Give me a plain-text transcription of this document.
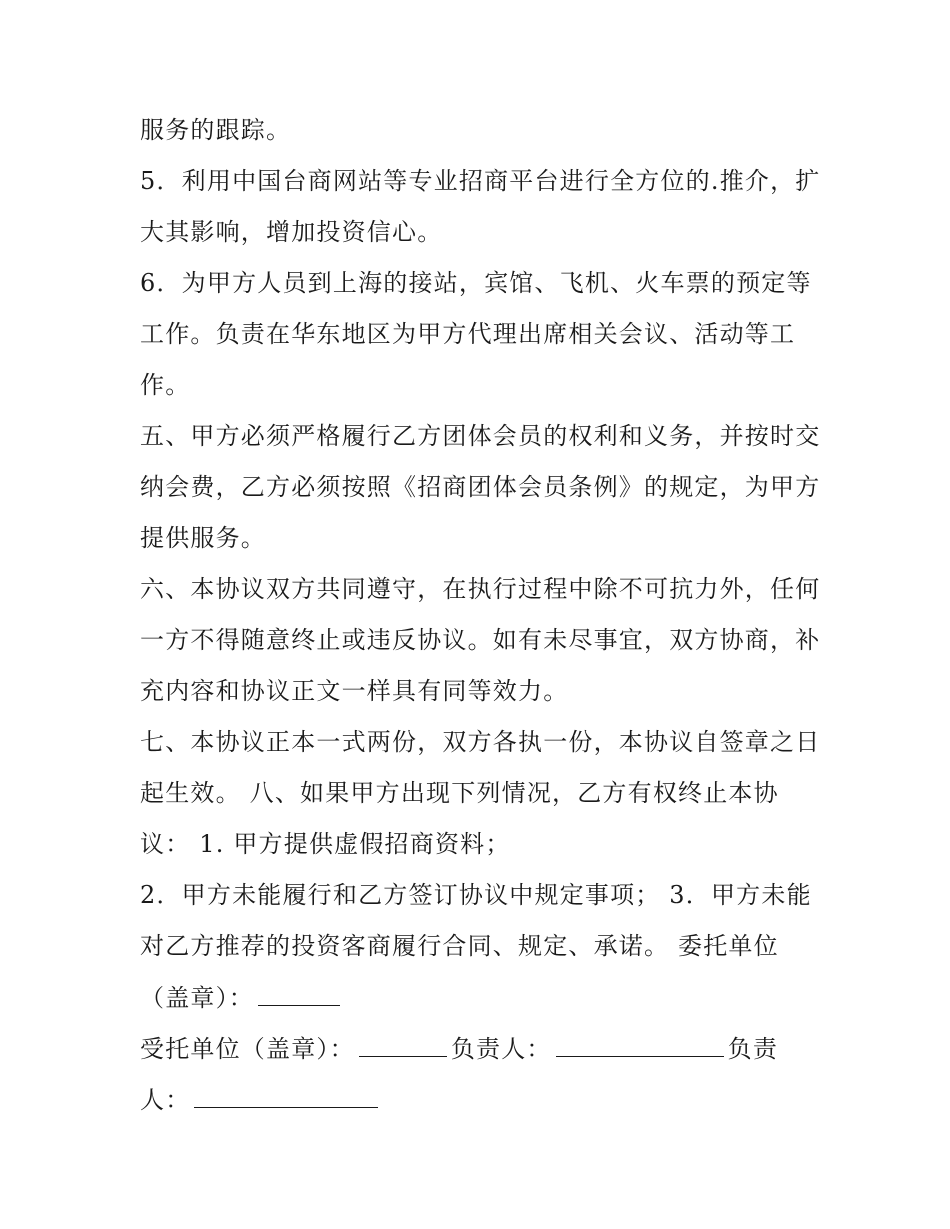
服务的跟踪。
5．利用中国台商网站等专业招商平台进行全方位的.推介，扩
大其影响，增加投资信心。
6．为甲方人员到上海的接站，宾馆、飞机、火车票的预定等
工作。负责在华东地区为甲方代理出席相关会议、活动等工
作。
五、甲方必须严格履行乙方团体会员的权利和义务，并按时交
纳会费，乙方必须按照《招商团体会员条例》的规定，为甲方
提供服务。
六、本协议双方共同遵守，在执行过程中除不可抗力外，任何
一方不得随意终止或违反协议。如有未尽事宜，双方协商，补
充内容和协议正文一样具有同等效力。
七、本协议正本一式两份，双方各执一份，本协议自签章之日
起生效。 八、如果甲方出现下列情况，乙方有权终止本协
议： 1. 甲方提供虚假招商资料；
2．甲方未能履行和乙方签订协议中规定事项； 3．甲方未能
对乙方推荐的投资客商履行合同、规定、承诺。 委托单位
（盖章）：
受托单位（盖章）：	负责人：	负责
人：
